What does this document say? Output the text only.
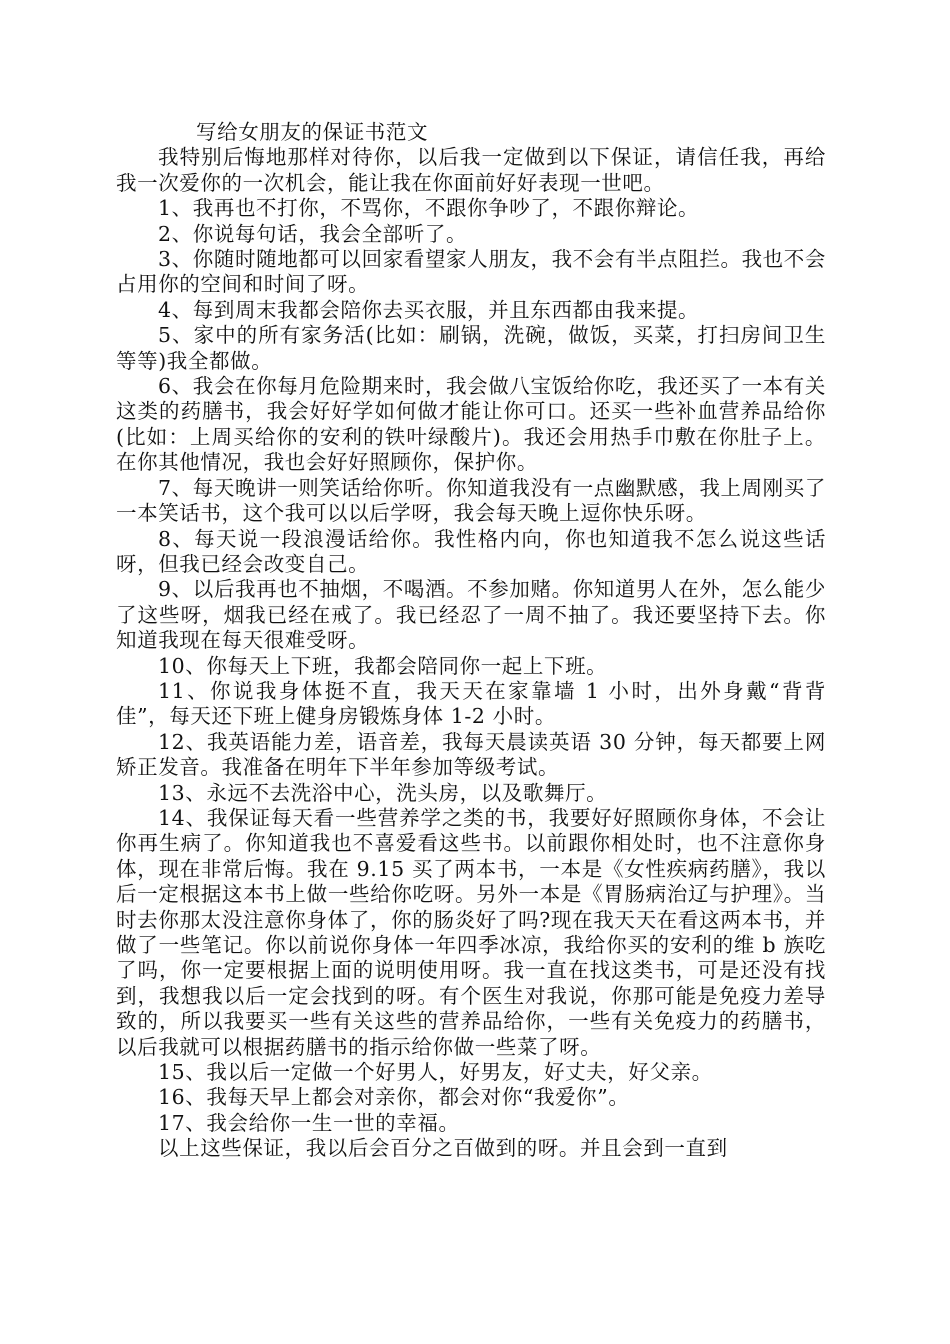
写给女朋友的保证书范文

我特别后悔地那样对待你，以后我一定做到以下保证，请信任我，再给我一次爱你的一次机会，能让我在你面前好好表现一世吧。

1、我再也不打你，不骂你，不跟你争吵了，不跟你辩论。

2、你说每句话，我会全部听了。

3、你随时随地都可以回家看望家人朋友，我不会有半点阻拦。我也不会占用你的空间和时间了呀。

4、每到周末我都会陪你去买衣服，并且东西都由我来提。

5、家中的所有家务活(比如：刷锅，洗碗，做饭，买菜，打扫房间卫生等等)我全都做。

6、我会在你每月危险期来时，我会做八宝饭给你吃，我还买了一本有关这类的药膳书，我会好好学如何做才能让你可口。还买一些补血营养品给你(比如：上周买给你的安利的铁叶绿酸片)。我还会用热手巾敷在你肚子上。在你其他情况，我也会好好照顾你，保护你。

7、每天晚讲一则笑话给你听。你知道我没有一点幽默感，我上周刚买了一本笑话书，这个我可以以后学呀，我会每天晚上逗你快乐呀。

8、每天说一段浪漫话给你。我性格内向，你也知道我不怎么说这些话呀，但我已经会改变自己。

9、以后我再也不抽烟，不喝酒。不参加赌。你知道男人在外，怎么能少了这些呀，烟我已经在戒了。我已经忍了一周不抽了。我还要坚持下去。你知道我现在每天很难受呀。

10、你每天上下班，我都会陪同你一起上下班。

11、你说我身体挺不直，我天天在家靠墙 1 小时，出外身戴“背背佳”，每天还下班上健身房锻炼身体 1-2 小时。

12、我英语能力差，语音差，我每天晨读英语 30 分钟，每天都要上网矫正发音。我准备在明年下半年参加等级考试。

13、永远不去洗浴中心，洗头房，以及歌舞厅。

14、我保证每天看一些营养学之类的书，我要好好照顾你身体，不会让你再生病了。你知道我也不喜爱看这些书。以前跟你相处时，也不注意你身体，现在非常后悔。我在 9.15 买了两本书，一本是《女性疾病药膳》，我以后一定根据这本书上做一些给你吃呀。另外一本是《胃肠病治辽与护理》。当时去你那太没注意你身体了，你的肠炎好了吗?现在我天天在看这两本书，并做了一些笔记。你以前说你身体一年四季冰凉，我给你买的安利的维 b 族吃了吗，你一定要根据上面的说明使用呀。我一直在找这类书，可是还没有找到，我想我以后一定会找到的呀。有个医生对我说，你那可能是免疫力差导致的，所以我要买一些有关这些的营养品给你，一些有关免疫力的药膳书，以后我就可以根据药膳书的指示给你做一些菜了呀。

15、我以后一定做一个好男人，好男友，好丈夫，好父亲。

16、我每天早上都会对亲你，都会对你“我爱你”。

17、我会给你一生一世的幸福。

以上这些保证，我以后会百分之百做到的呀。并且会到一直到
